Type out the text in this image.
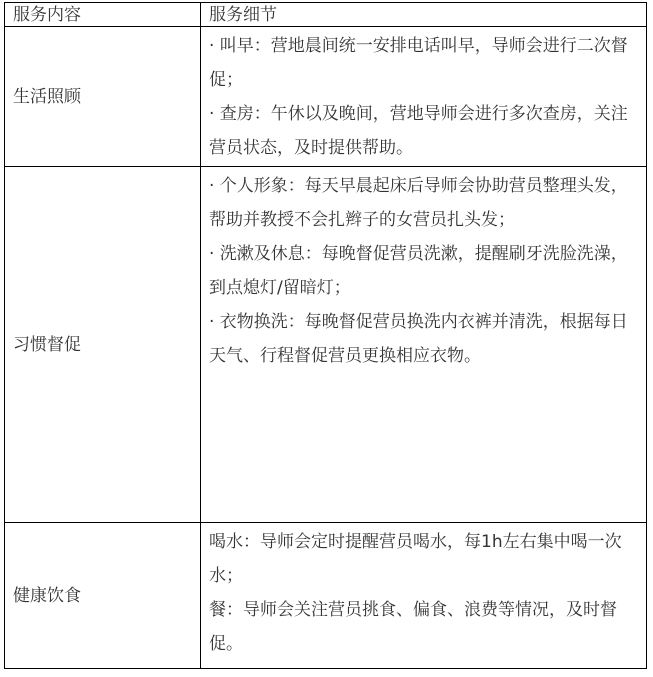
服务内容	服务细节
生活照顾	· 叫早：营地晨间统一安排电话叫早，导师会进行二次督促；
· 查房：午休以及晚间，营地导师会进行多次查房，关注营员状态，及时提供帮助。

习惯督促	· 个人形象：每天早晨起床后导师会协助营员整理头发，帮助并教授不会扎辫子的女营员扎头发；
· 洗漱及休息：每晚督促营员洗漱，提醒刷牙洗脸洗澡，到点熄灯/留暗灯；
· 衣物换洗：每晚督促营员换洗内衣裤并清洗，根据每日天气、行程督促营员更换相应衣物。

健康饮食	喝水：导师会定时提醒营员喝水，每1h左右集中喝一次水；
餐：导师会关注营员挑食、偏食、浪费等情况，及时督促。
